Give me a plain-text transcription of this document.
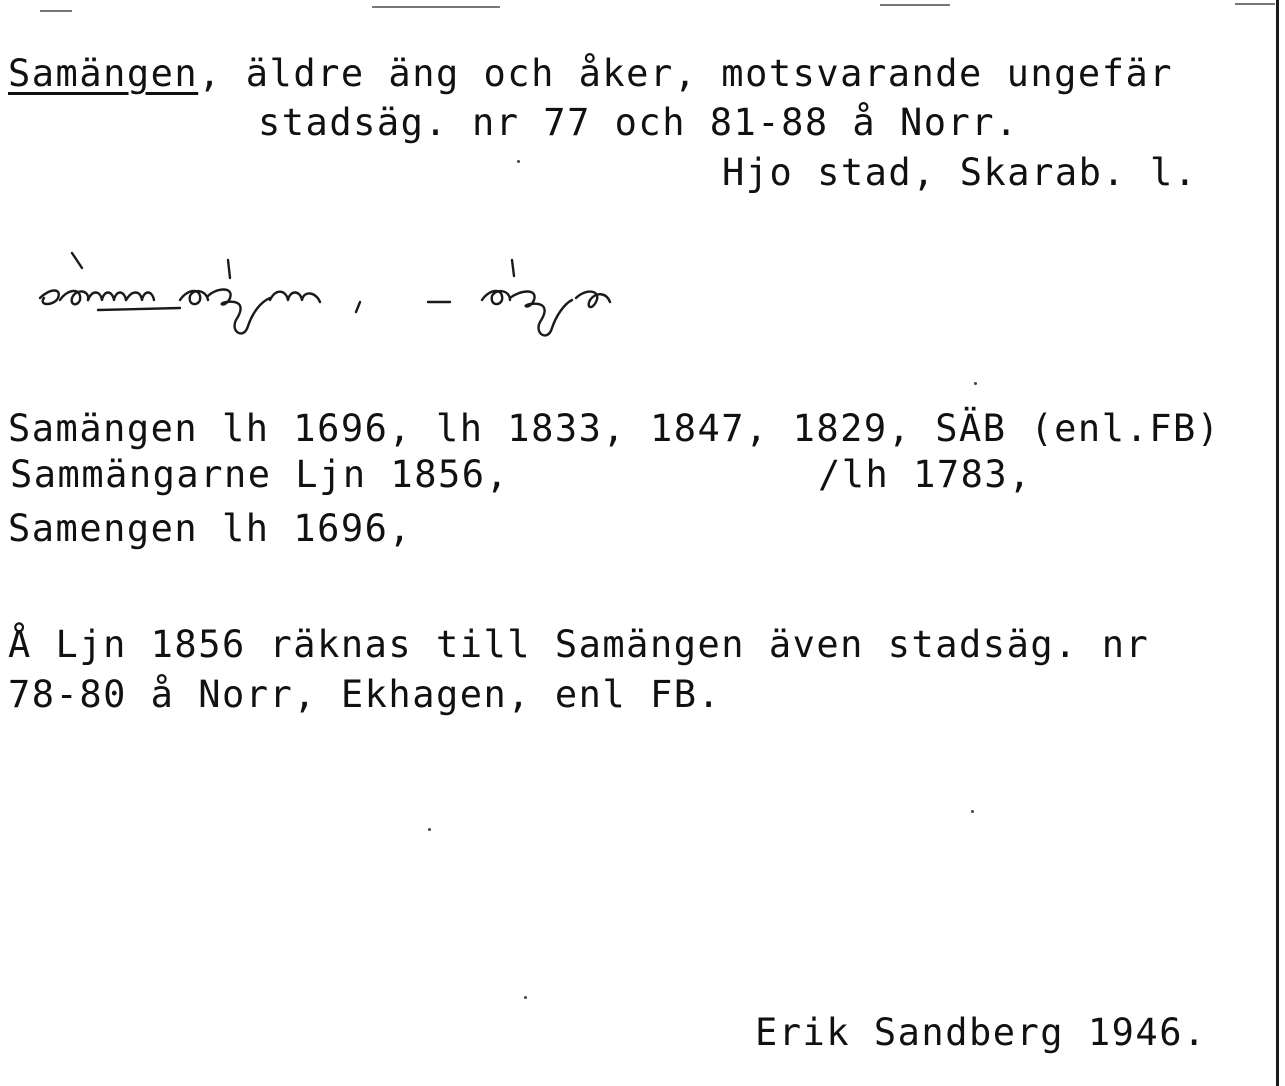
Samängen, äldre äng och åker, motsvarande ungefär
stadsäg. nr 77 och 81-88 å Norr.
Hjo stad, Skarab. l.
Samängen lh 1696, lh 1833, 1847, 1829, SÄB (enl.FB)
Sammängarne Ljn 1856,	/lh 1783,
Samengen lh 1696,
Å Ljn 1856 räknas till Samängen även stadsäg. nr
78-80 å Norr, Ekhagen, enl FB.
Erik Sandberg 1946.
